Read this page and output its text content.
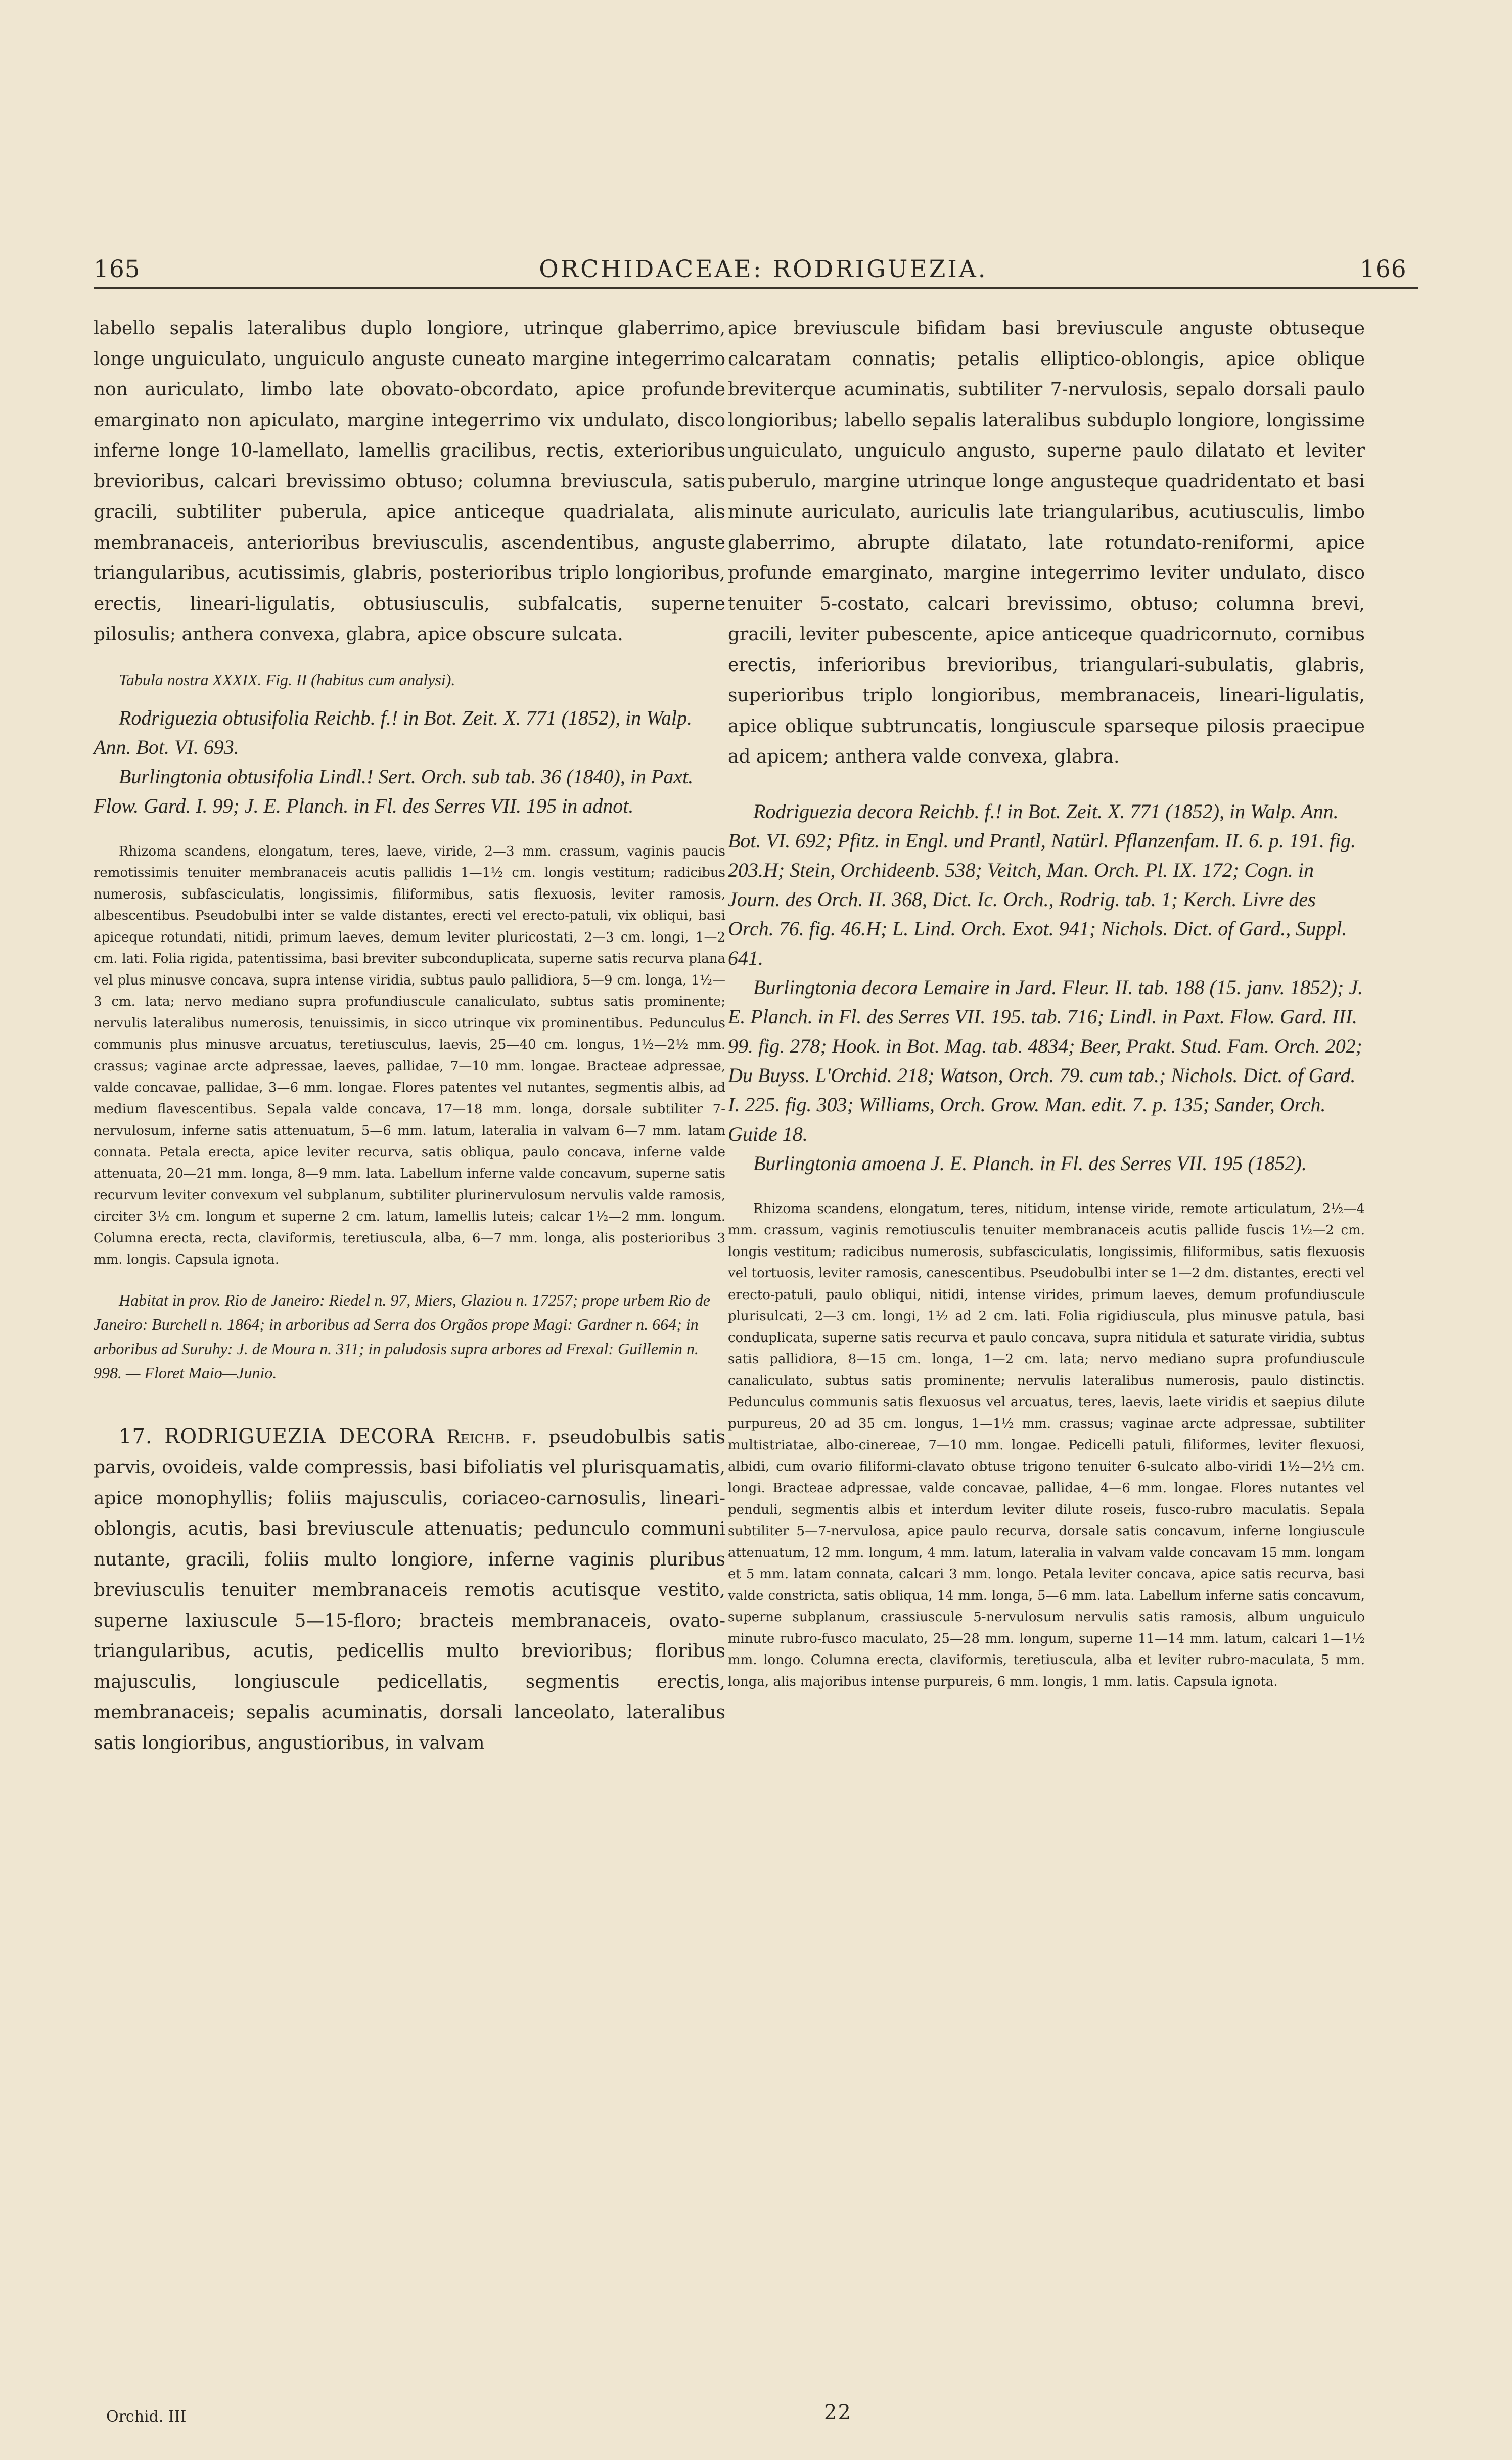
165	ORCHIDACEAE: RODRIGUEZIA.	166

labello sepalis lateralibus duplo longiore, utrinque glaberrimo, longe unguiculato, unguiculo anguste cuneato margine integerrimo non auriculato, limbo late obovato-obcordato, apice profunde emarginato non apiculato, margine integerrimo vix undulato, disco inferne longe 10-lamellato, lamellis gracilibus, rectis, exterioribus brevioribus, calcari brevissimo obtuso; columna breviuscula, satis gracili, subtiliter puberula, apice anticeque quadrialata, alis membranaceis, anterioribus breviusculis, ascendentibus, anguste triangularibus, acutissimis, glabris, posterioribus triplo longioribus, erectis, lineari-ligulatis, obtusiusculis, subfalcatis, superne pilosulis; anthera convexa, glabra, apice obscure sulcata.

Tabula nostra XXXIX. Fig. II (habitus cum analysi).

Rodriguezia obtusifolia Reichb. f.! in Bot. Zeit. X. 771 (1852), in Walp. Ann. Bot. VI. 693.

Burlingtonia obtusifolia Lindl.! Sert. Orch. sub tab. 36 (1840), in Paxt. Flow. Gard. I. 99; J. E. Planch. in Fl. des Serres VII. 195 in adnot.

Rhizoma scandens, elongatum, teres, laeve, viride, 2—3 mm. crassum, vaginis paucis remotissimis tenuiter membranaceis acutis pallidis 1—1½ cm. longis vestitum; radicibus numerosis, subfasciculatis, longissimis, filiformibus, satis flexuosis, leviter ramosis, albescentibus. Pseudobulbi inter se valde distantes, erecti vel erecto-patuli, vix obliqui, basi apiceque rotundati, nitidi, primum laeves, demum leviter pluricostati, 2—3 cm. longi, 1—2 cm. lati. Folia rigida, patentissima, basi breviter subconduplicata, superne satis recurva plana vel plus minusve concava, supra intense viridia, subtus paulo pallidiora, 5—9 cm. longa, 1½—3 cm. lata; nervo mediano supra profundiuscule canaliculato, subtus satis prominente; nervulis lateralibus numerosis, tenuissimis, in sicco utrinque vix prominentibus. Pedunculus communis plus minusve arcuatus, teretiusculus, laevis, 25—40 cm. longus, 1½—2½ mm. crassus; vaginae arcte adpressae, laeves, pallidae, 7—10 mm. longae. Bracteae adpressae, valde concavae, pallidae, 3—6 mm. longae. Flores patentes vel nutantes, segmentis albis, ad medium flavescentibus. Sepala valde concava, 17—18 mm. longa, dorsale subtiliter 7-nervulosum, inferne satis attenuatum, 5—6 mm. latum, lateralia in valvam 6—7 mm. latam connata. Petala erecta, apice leviter recurva, satis obliqua, paulo concava, inferne valde attenuata, 20—21 mm. longa, 8—9 mm. lata. Labellum inferne valde concavum, superne satis recurvum leviter convexum vel subplanum, subtiliter plurinervulosum nervulis valde ramosis, circiter 3½ cm. longum et superne 2 cm. latum, lamellis luteis; calcar 1½—2 mm. longum. Columna erecta, recta, claviformis, teretiuscula, alba, 6—7 mm. longa, alis posterioribus 3 mm. longis. Capsula ignota.

Habitat in prov. Rio de Janeiro: Riedel n. 97, Miers, Glaziou n. 17257; prope urbem Rio de Janeiro: Burchell n. 1864; in arboribus ad Serra dos Orgãos prope Magi: Gardner n. 664; in arboribus ad Suruhy: J. de Moura n. 311; in paludosis supra arbores ad Frexal: Guillemin n. 998. — Floret Maio—Junio.

17. RODRIGUEZIA DECORA Reichb. f. pseudobulbis satis parvis, ovoideis, valde compressis, basi bifoliatis vel plurisquamatis, apice monophyllis; foliis majusculis, coriaceo-carnosulis, lineari-oblongis, acutis, basi breviuscule attenuatis; pedunculo communi nutante, gracili, foliis multo longiore, inferne vaginis pluribus breviusculis tenuiter membranaceis remotis acutisque vestito, superne laxiuscule 5—15-floro; bracteis membranaceis, ovato-triangularibus, acutis, pedicellis multo brevioribus; floribus majusculis, longiuscule pedicellatis, segmentis erectis, membranaceis; sepalis acuminatis, dorsali lanceolato, lateralibus satis longioribus, angustioribus, in valvam

apice breviuscule bifidam basi breviuscule anguste obtuseque calcaratam connatis; petalis elliptico-oblongis, apice oblique breviterque acuminatis, subtiliter 7-nervulosis, sepalo dorsali paulo longioribus; labello sepalis lateralibus subduplo longiore, longissime unguiculato, unguiculo angusto, superne paulo dilatato et leviter puberulo, margine utrinque longe angusteque quadridentato et basi minute auriculato, auriculis late triangularibus, acutiusculis, limbo glaberrimo, abrupte dilatato, late rotundato-reniformi, apice profunde emarginato, margine integerrimo leviter undulato, disco tenuiter 5-costato, calcari brevissimo, obtuso; columna brevi, gracili, leviter pubescente, apice anticeque quadricornuto, cornibus erectis, inferioribus brevioribus, triangulari-subulatis, glabris, superioribus triplo longioribus, membranaceis, lineari-ligulatis, apice oblique subtruncatis, longiuscule sparseque pilosis praecipue ad apicem; anthera valde convexa, glabra.

Rodriguezia decora Reichb. f.! in Bot. Zeit. X. 771 (1852), in Walp. Ann. Bot. VI. 692; Pfitz. in Engl. und Prantl, Natürl. Pflanzenfam. II. 6. p. 191. fig. 203.H; Stein, Orchideenb. 538; Veitch, Man. Orch. Pl. IX. 172; Cogn. in Journ. des Orch. II. 368, Dict. Ic. Orch., Rodrig. tab. 1; Kerch. Livre des Orch. 76. fig. 46.H; L. Lind. Orch. Exot. 941; Nichols. Dict. of Gard., Suppl. 641.

Burlingtonia decora Lemaire in Jard. Fleur. II. tab. 188 (15. janv. 1852); J. E. Planch. in Fl. des Serres VII. 195. tab. 716; Lindl. in Paxt. Flow. Gard. III. 99. fig. 278; Hook. in Bot. Mag. tab. 4834; Beer, Prakt. Stud. Fam. Orch. 202; Du Buyss. L'Orchid. 218; Watson, Orch. 79. cum tab.; Nichols. Dict. of Gard. I. 225. fig. 303; Williams, Orch. Grow. Man. edit. 7. p. 135; Sander, Orch. Guide 18.

Burlingtonia amoena J. E. Planch. in Fl. des Serres VII. 195 (1852).

Rhizoma scandens, elongatum, teres, nitidum, intense viride, remote articulatum, 2½—4 mm. crassum, vaginis remotiusculis tenuiter membranaceis acutis pallide fuscis 1½—2 cm. longis vestitum; radicibus numerosis, subfasciculatis, longissimis, filiformibus, satis flexuosis vel tortuosis, leviter ramosis, canescentibus. Pseudobulbi inter se 1—2 dm. distantes, erecti vel erecto-patuli, paulo obliqui, nitidi, intense virides, primum laeves, demum profundiuscule plurisulcati, 2—3 cm. longi, 1½ ad 2 cm. lati. Folia rigidiuscula, plus minusve patula, basi conduplicata, superne satis recurva et paulo concava, supra nitidula et saturate viridia, subtus satis pallidiora, 8—15 cm. longa, 1—2 cm. lata; nervo mediano supra profundiuscule canaliculato, subtus satis prominente; nervulis lateralibus numerosis, paulo distinctis. Pedunculus communis satis flexuosus vel arcuatus, teres, laevis, laete viridis et saepius dilute purpureus, 20 ad 35 cm. longus, 1—1½ mm. crassus; vaginae arcte adpressae, subtiliter multistriatae, albo-cinereae, 7—10 mm. longae. Pedicelli patuli, filiformes, leviter flexuosi, albidi, cum ovario filiformi-clavato obtuse trigono tenuiter 6-sulcato albo-viridi 1½—2½ cm. longi. Bracteae adpressae, valde concavae, pallidae, 4—6 mm. longae. Flores nutantes vel penduli, segmentis albis et interdum leviter dilute roseis, fusco-rubro maculatis. Sepala subtiliter 5—7-nervulosa, apice paulo recurva, dorsale satis concavum, inferne longiuscule attenuatum, 12 mm. longum, 4 mm. latum, lateralia in valvam valde concavam 15 mm. longam et 5 mm. latam connata, calcari 3 mm. longo. Petala leviter concava, apice satis recurva, basi valde constricta, satis obliqua, 14 mm. longa, 5—6 mm. lata. Labellum inferne satis concavum, superne subplanum, crassiuscule 5-nervulosum nervulis satis ramosis, album unguiculo minute rubro-fusco maculato, 25—28 mm. longum, superne 11—14 mm. latum, calcari 1—1½ mm. longo. Columna erecta, claviformis, teretiuscula, alba et leviter rubro-maculata, 5 mm. longa, alis majoribus intense purpureis, 6 mm. longis, 1 mm. latis. Capsula ignota.

Orchid. III	22
